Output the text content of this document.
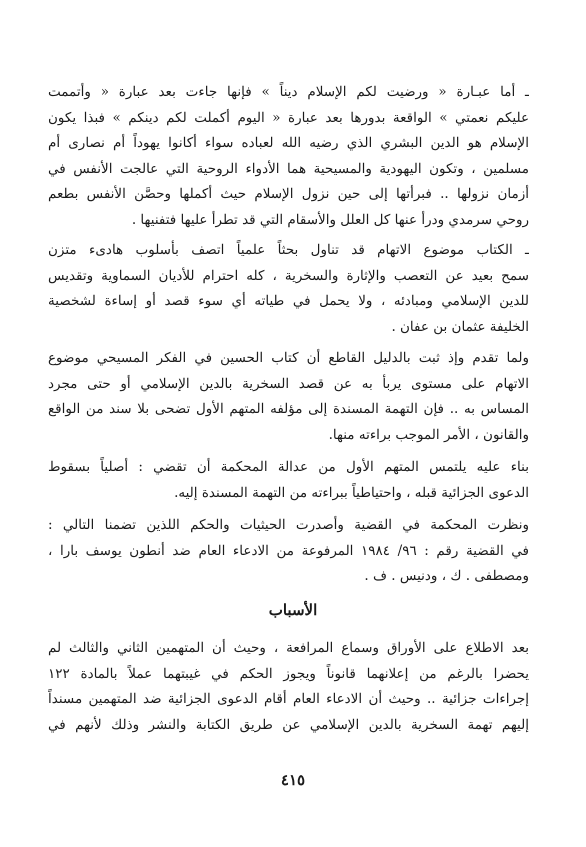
ـ أما عبـارة « ورضيت لكم الإسلام ديناً » فإنها جاءت بعد عبارة « وأتممت
عليكم نعمتي » الواقعة بدورها بعد عبارة « اليوم أكملت لكم دينكم » فبذا يكون
الإسلام هو الدين البشري الذي رضيه الله لعباده سواء أكانوا يهوداً أم نصارى أم
مسلمين ، وتكون اليهودية والمسيحية هما الأدواء الروحية التي عالجت الأنفس في
أزمان نزولها .. فبرأتها إلى حين نزول الإسلام حيث أكملها وحصَّن الأنفس بطعم
روحي سرمدي ودرأ عنها كل العلل والأسقام التي قد تطرأ عليها فتفنيها .
ـ الكتاب موضوع الاتهام قد تناول بحثاً علمياً اتصف بأسلوب هادىء متزن
سمح بعيد عن التعصب والإثارة والسخرية ، كله احترام للأديان السماوية وتقديس
للدين الإسلامي ومبادئه ، ولا يحمل في طياته أي سوء قصد أو إساءة لشخصية
الخليفة عثمان بن عفان .
ولما تقدم وإذ ثبت بالدليل القاطع أن كتاب الحسين في الفكر المسيحي موضوع
الاتهام على مستوى يربأ به عن قصد السخرية بالدين الإسلامي أو حتى مجرد
المساس به .. فإن التهمة المسندة إلى مؤلفه المتهم الأول تضحى بلا سند من الواقع
والقانون ، الأمر الموجب براءته منها.
بناء عليه يلتمس المتهم الأول من عدالة المحكمة أن تقضي : أصلياً بسقوط
الدعوى الجزائية قبله ، واحتياطياً ببراءته من التهمة المسندة إليه.
ونظرت المحكمة في القضية وأصدرت الحيثيات والحكم اللذين تضمنا التالي :
في القضية رقم : ٩٦/ ١٩٨٤ المرفوعة من الادعاء العام ضد أنطون يوسف بارا ،
ومصطفى . ك ، ودنيس . ف .
الأسباب
بعد الاطلاع على الأوراق وسماع المرافعة ، وحيث أن المتهمين الثاني والثالث لم
يحضرا بالرغم من إعلانهما قانوناً ويجوز الحكم في غيبتهما عملاً بالمادة ١٢٢
إجراءات جزائية .. وحيث أن الادعاء العام أقام الدعوى الجزائية ضد المتهمين مسنداً
إليهم تهمة السخرية بالدين الإسلامي عن طريق الكتابة والنشر وذلك لأنهم في
٤١٥
